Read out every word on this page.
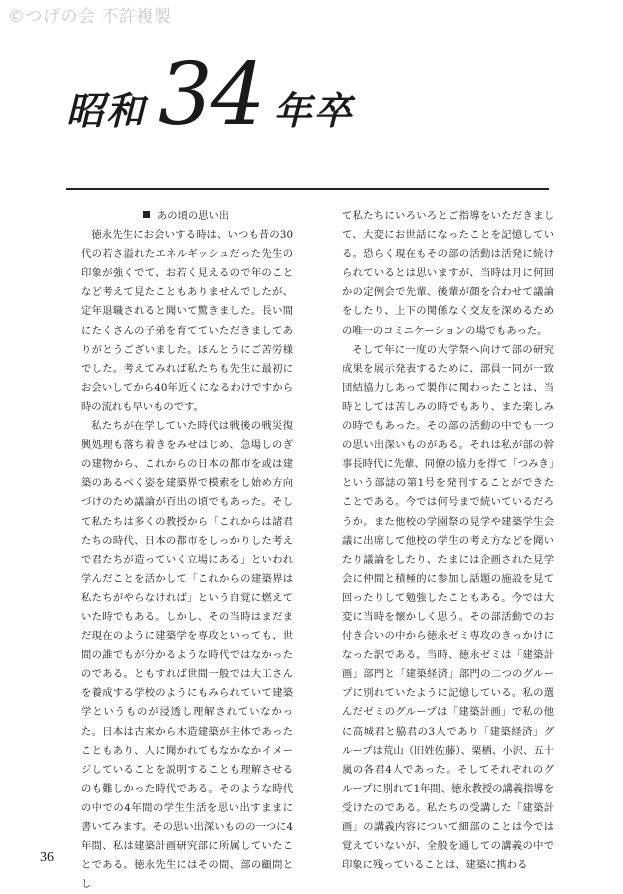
©つげの会 不許複製
昭和 34 年卒
あの頃の思い出

徳永先生にお会いする時は、いつも昔の30代の若さ溢れたエネルギッシュだった先生の印象が強くでて、お若く見えるので年のことなど考えて見たこともありませんでしたが、定年退職されると聞いて驚きました。長い間にたくさんの子弟を育てていただきましてありがとうございました。ほんとうにご苦労様でした。考えてみれば私たちも先生に最初にお会いしてから40年近くになるわけですから時の流れも早いものです。

私たちが在学していた時代は戦後の戦災復興処理も落ち着きをみせはじめ、急場しのぎの建物から、これからの日本の都市を或は建築のあるべく姿を建築界で模索をし始め方向づけのため議論が百出の頃でもあった。そして私たちは多くの教授から「これからは諸君たちの時代、日本の都市をしっかりした考えで君たちが造っていく立場にある」といわれ学んだことを活かして「これからの建築界は私たちがやらなければ」という自覚に燃えていた時でもある。しかし、その当時はまだまだ現在のように建築学を専攻といっても、世間の誰でもが分かるような時代ではなかったのである。ともすれば世間一般では大工さんを養成する学校のようにもみられていて建築学というものが浸透し理解されていなかった。日本は古来から木造建築が主体であったこともあり、人に聞かれてもなかなかイメージしていることを説明することも理解させるのも難しかった時代である。そのような時代の中での4年間の学生生活を思い出すままに書いてみます。その思い出深いものの一つに4年間、私は建築計画研究部に所属していたことである。徳永先生にはその間、部の顧問とし

て私たちにいろいろとご指導をいただきまして、大変にお世話になったことを記憶している。恐らく現在もその部の活動は活発に続けられているとは思いますが、当時は月に何回かの定例会で先輩、後輩が顔を合わせて議論をしたり、上下の関係なく交友を深めるための唯一のコミニケーションの場でもあった。

そして年に一度の大学祭へ向けて部の研究成果を展示発表するために、部員一同が一致団結協力しあって製作に関わったことは、当時としては苦しみの時でもあり、また楽しみの時でもあった。その部の活動の中でも一つの思い出深いものがある。それは私が部の幹事長時代に先輩、同僚の協力を得て「つみき」という部誌の第1号を発刊することができたことである。今では何号まで続いているだろうか。また他校の学園祭の見学や建築学生会議に出席して他校の学生の考え方などを聞いたり議論をしたり、たまには企画された見学会に仲間と積極的に参加し話題の施設を見て回ったりして勉強したこともある。今では大変に当時を懐かしく思う。その部活動でのお付き合いの中から徳永ゼミ専攻のきっかけになった訳である。当時、徳永ゼミは「建築計画」部門と「建築経済」部門の二つのグループに別れていたように記憶している。私の選んだゼミのグループは「建築計画」で私の他に高城君と脇君の3人であり「建築経済」グループは荒山（旧姓佐藤）、栗栖、小沢、五十嵐の各君4人であった。そしてそれぞれのグループに別れて1年間、徳永教授の講義指導を受けたのである。私たちの受講した「建築計画」の講義内容について細部のことは今では覚えていないが、全般を通しての講義の中で印象に残っていることは、建築に携わる

36
